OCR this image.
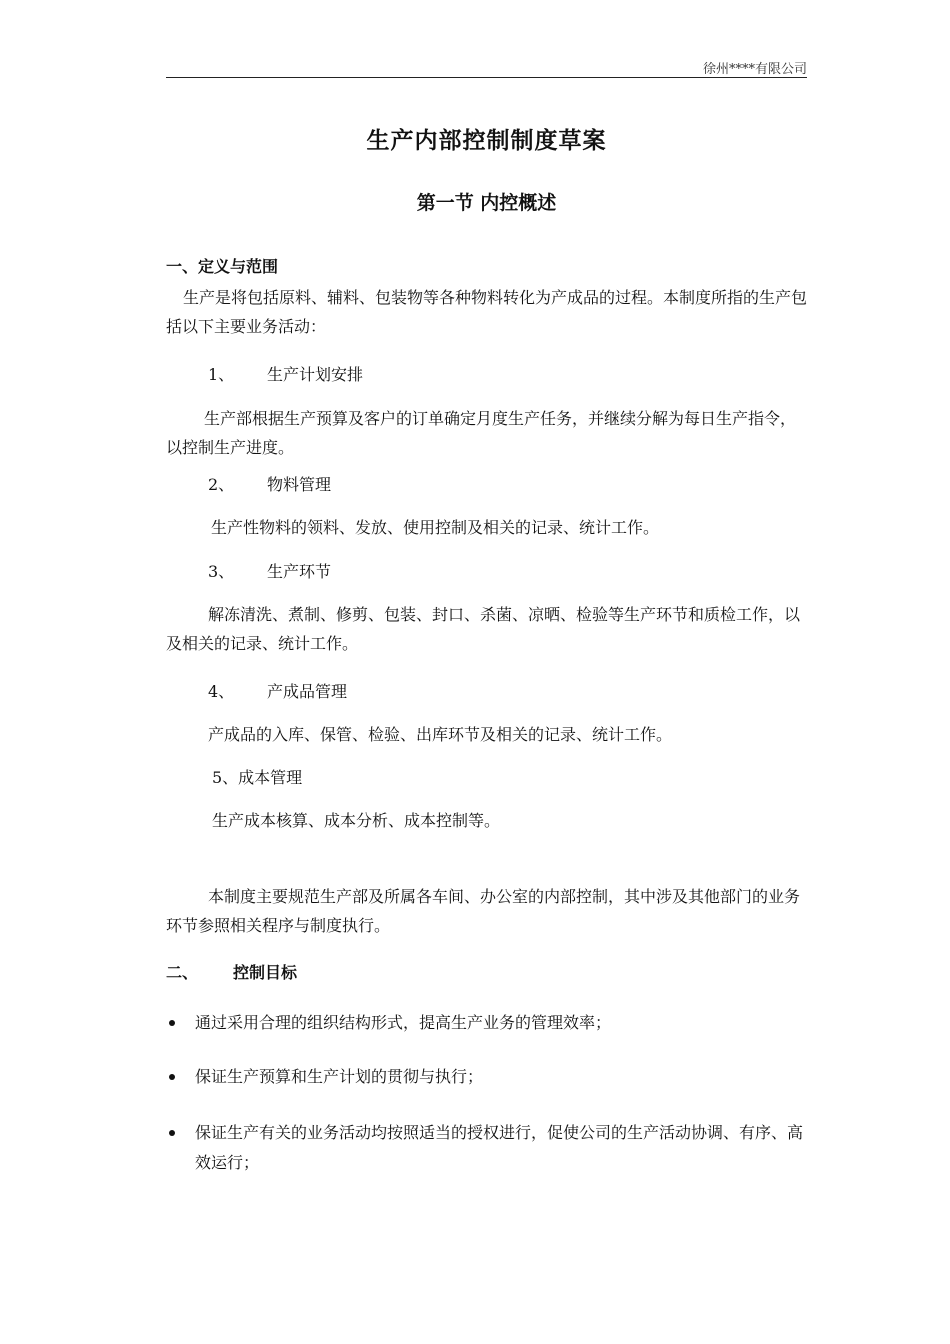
徐州****有限公司
生产内部控制制度草案
第一节 内控概述
一、定义与范围
生产是将包括原料、辅料、包装物等各种物料转化为产成品的过程。本制度所指的生产包括以下主要业务活动：
1、 生产计划安排
生产部根据生产预算及客户的订单确定月度生产任务，并继续分解为每日生产指令，以控制生产进度。
2、 物料管理
生产性物料的领料、发放、使用控制及相关的记录、统计工作。
3、 生产环节
解冻清洗、煮制、修剪、包装、封口、杀菌、凉晒、检验等生产环节和质检工作，以及相关的记录、统计工作。
4、 产成品管理
产成品的入库、保管、检验、出库环节及相关的记录、统计工作。
5、成本管理
生产成本核算、成本分析、成本控制等。
本制度主要规范生产部及所属各车间、办公室的内部控制，其中涉及其他部门的业务环节参照相关程序与制度执行。
二、 控制目标
通过采用合理的组织结构形式，提高生产业务的管理效率；
保证生产预算和生产计划的贯彻与执行；
保证生产有关的业务活动均按照适当的授权进行，促使公司的生产活动协调、有序、高效运行；
